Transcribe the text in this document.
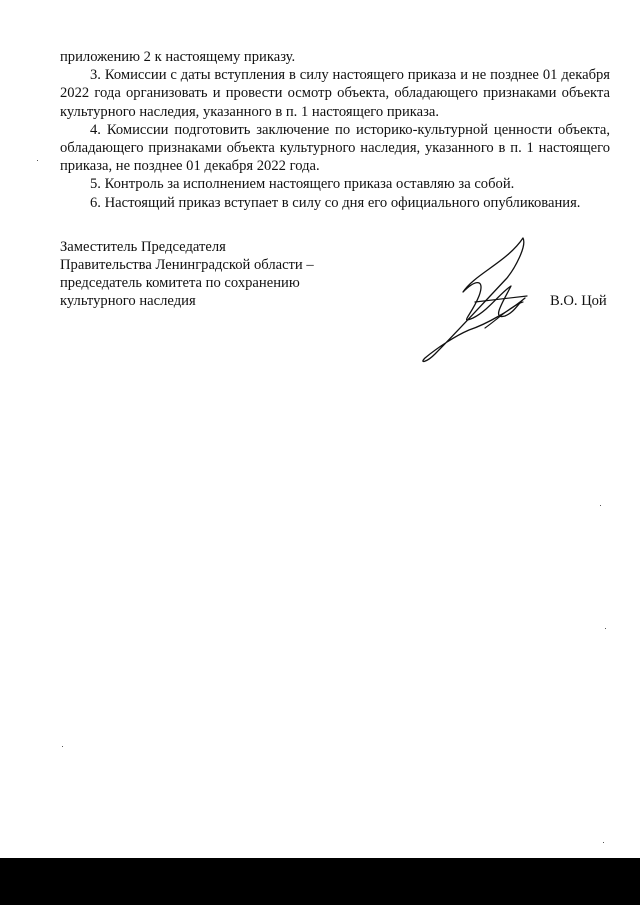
приложению 2 к настоящему приказу.

3. Комиссии с даты вступления в силу настоящего приказа и не позднее 01 декабря 2022 года организовать и провести осмотр объекта, обладающего признаками объекта культурного наследия, указанного в п. 1 настоящего приказа.

4. Комиссии подготовить заключение по историко-культурной ценности объекта, обладающего признаками объекта культурного наследия, указанного в п. 1 настоящего приказа, не позднее 01 декабря 2022 года.

5. Контроль за исполнением настоящего приказа оставляю за собой.

6. Настоящий приказ вступает в силу со дня его официального опубликования.

Заместитель Председателя
Правительства Ленинградской области –
председатель комитета по сохранению
культурного наследия	В.О. Цой
